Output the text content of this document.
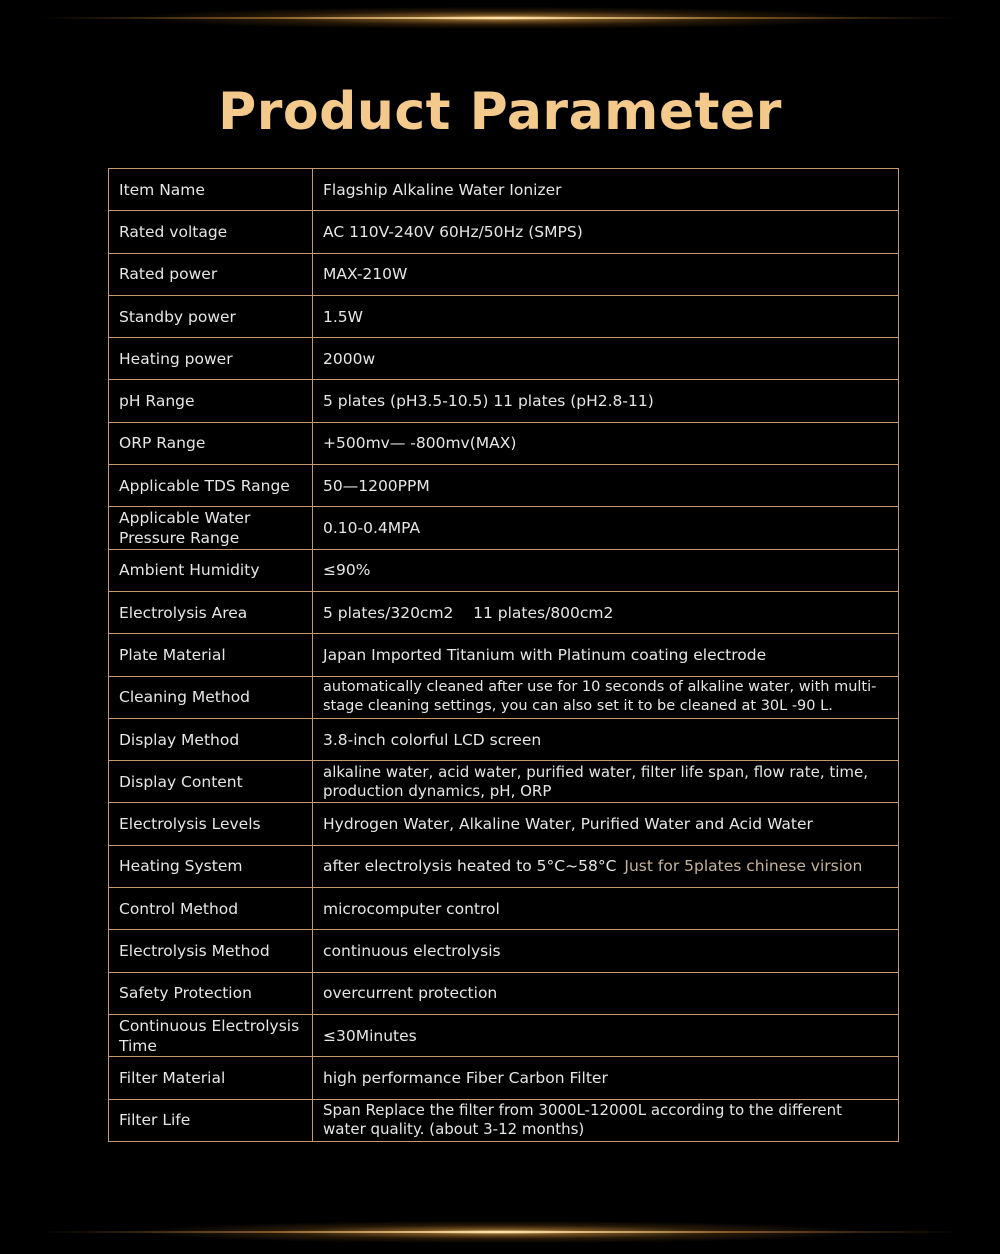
Product Parameter
Item Name	Flagship Alkaline Water Ionizer
Rated voltage	AC 110V-240V 60Hz/50Hz (SMPS)
Rated power	MAX-210W
Standby power	1.5W
Heating power	2000w
pH Range	5 plates (pH3.5-10.5) 11 plates (pH2.8-11)
ORP Range	+500mv— -800mv(MAX)
Applicable TDS Range	50—1200PPM
Applicable Water Pressure Range	0.10-0.4MPA
Ambient Humidity	≤90%
Electrolysis Area	5 plates/320cm2    11 plates/800cm2
Plate Material	Japan Imported Titanium with Platinum coating electrode
Cleaning Method	automatically cleaned after use for 10 seconds of alkaline water, with multi-stage cleaning settings, you can also set it to be cleaned at 30L -90 L.
Display Method	3.8-inch colorful LCD screen
Display Content	alkaline water, acid water, purified water, filter life span, flow rate, time, production dynamics, pH, ORP
Electrolysis Levels	Hydrogen Water, Alkaline Water, Purified Water and Acid Water
Heating System	after electrolysis heated to 5°C~58°C Just for 5plates chinese virsion
Control Method	microcomputer control
Electrolysis Method	continuous electrolysis
Safety Protection	overcurrent protection
Continuous Electrolysis Time	≤30Minutes
Filter Material	high performance Fiber Carbon Filter
Filter Life	Span Replace the filter from 3000L-12000L according to the different water quality. (about 3-12 months)
